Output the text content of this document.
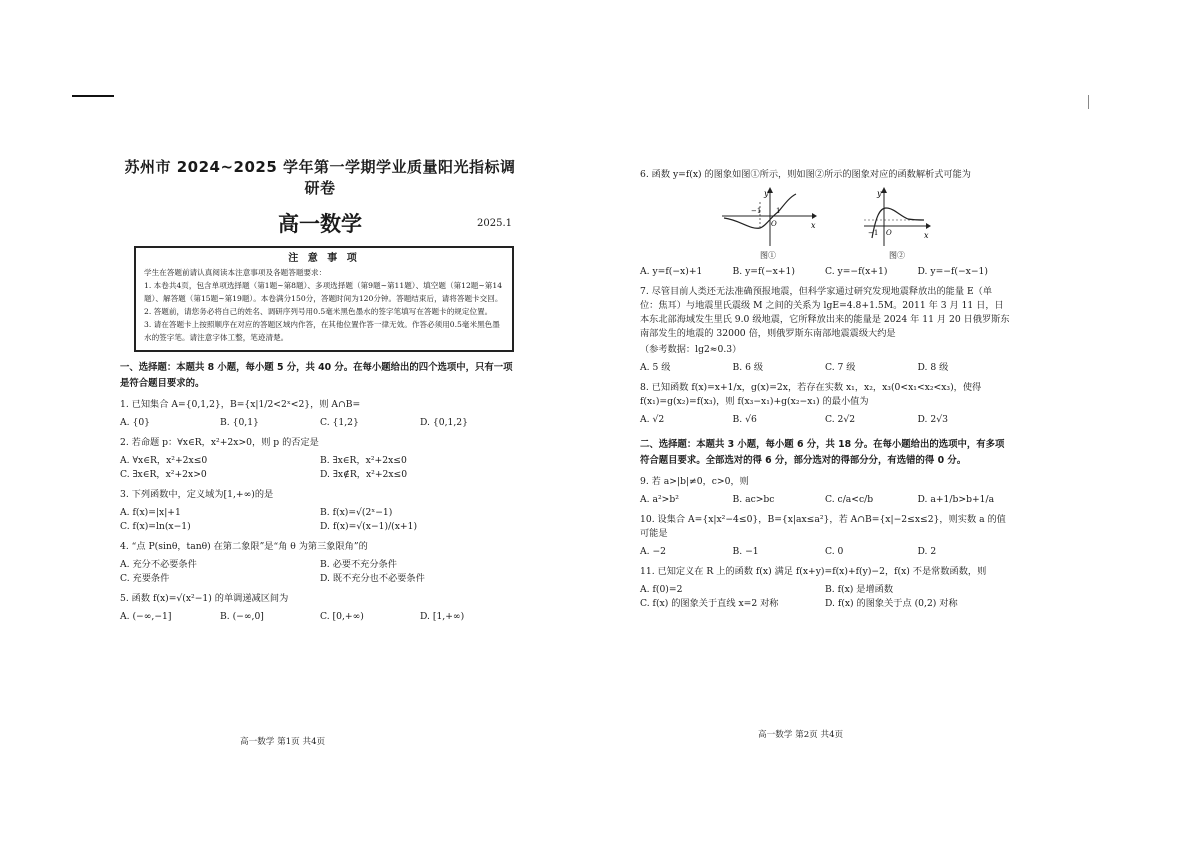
苏州市 2024~2025 学年第一学期学业质量阳光指标调研卷
高一数学	2025.1
注 意 事 项
学生在答题前请认真阅读本注意事项及各题答题要求：
1. 本卷共4页，包含单项选择题（第1题~第8题）、多项选择题（第9题~第11题）、填空题（第12题~第14题）、解答题（第15题~第19题）。本卷满分150分，答题时间为120分钟。答题结束后，请将答题卡交回。
2. 答题前，请您务必将自己的姓名、调研序列号用0.5毫米黑色墨水的签字笔填写在答题卡的规定位置。
3. 请在答题卡上按照顺序在对应的答题区域内作答，在其他位置作答一律无效。作答必须用0.5毫米黑色墨水的签字笔。请注意字体工整，笔迹清楚。
一、选择题：本题共 8 小题，每小题 5 分，共 40 分。在每小题给出的四个选项中，只有一项是符合题目要求的。
1. 已知集合 A={0,1,2}，B={x|1/2<2ˣ<2}，则 A∩B=
A. {0}	B. {0,1}	C. {1,2}	D. {0,1,2}
2. 若命题 p：∀x∈R，x²+2x>0，则 p 的否定是
A. ∀x∈R，x²+2x≤0	B. ∃x∈R，x²+2x≤0
C. ∃x∈R，x²+2x>0	D. ∃x∉R，x²+2x≤0
3. 下列函数中，定义域为[1,+∞)的是
A. f(x)=|x|+1	B. f(x)=√(2ˣ−1)
C. f(x)=ln(x−1)	D. f(x)=√(x−1)/(x+1)
4. “点 P(sinθ，tanθ) 在第二象限”是“角 θ 为第三象限角”的
A. 充分不必要条件	B. 必要不充分条件
C. 充要条件	D. 既不充分也不必要条件
5. 函数 f(x)=√(x²−1) 的单调递减区间为
A. (−∞,−1]	B. (−∞,0]	C. [0,+∞)	D. [1,+∞)
高一数学 第1页 共4页
6. 函数 y=f(x) 的图象如图①所示，则如图②所示的图象对应的函数解析式可能为
y
x
O
−1 1
图①
y
x
O
−1
图②
A. y=f(−x)+1	B. y=f(−x+1)	C. y=−f(x+1)	D. y=−f(−x−1)
7. 尽管目前人类还无法准确预报地震，但科学家通过研究发现地震释放出的能量 E（单位：焦耳）与地震里氏震级 M 之间的关系为 lgE=4.8+1.5M。2011 年 3 月 11 日，日本东北部海域发生里氏 9.0 级地震，它所释放出来的能量是 2024 年 11 月 20 日俄罗斯东南部发生的地震的 32000 倍，则俄罗斯东南部地震震级大约是
（参考数据：lg2≈0.3）
A. 5 级	B. 6 级	C. 7 级	D. 8 级
8. 已知函数 f(x)=x+1/x，g(x)=2x，若存在实数 x₁，x₂，x₃(0<x₁<x₂<x₃)，使得 f(x₁)=g(x₂)=f(x₃)，则 f(x₃−x₁)+g(x₂−x₁) 的最小值为
A. √2	B. √6	C. 2√2	D. 2√3
二、选择题：本题共 3 小题，每小题 6 分，共 18 分。在每小题给出的选项中，有多项符合题目要求。全部选对的得 6 分，部分选对的得部分分，有选错的得 0 分。
9. 若 a>|b|≠0，c>0，则
A. a²>b²	B. ac>bc	C. c/a<c/b	D. a+1/b>b+1/a
10. 设集合 A={x|x²−4≤0}，B={x|ax≤a²}，若 A∩B={x|−2≤x≤2}，则实数 a 的值可能是
A. −2	B. −1	C. 0	D. 2
11. 已知定义在 R 上的函数 f(x) 满足 f(x+y)=f(x)+f(y)−2，f(x) 不是常数函数，则
A. f(0)=2	B. f(x) 是增函数
C. f(x) 的图象关于直线 x=2 对称	D. f(x) 的图象关于点 (0,2) 对称
高一数学 第2页 共4页
